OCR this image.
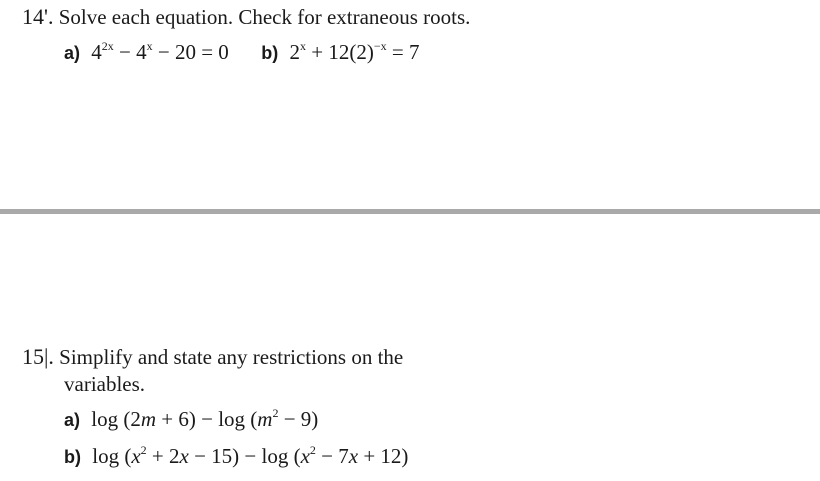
14'. Solve each equation. Check for extraneous roots.
a) $4^{2x} - 4^x - 20 = 0$ b) $2^x + 12(2)^{-x} = 7$
15|. Simplify and state any restrictions on the
variables.
a) $\log (2m + 6) - \log (m^2 - 9)$
b) $\log (x^2 + 2x - 15) - \log (x^2 - 7x + 12)$
